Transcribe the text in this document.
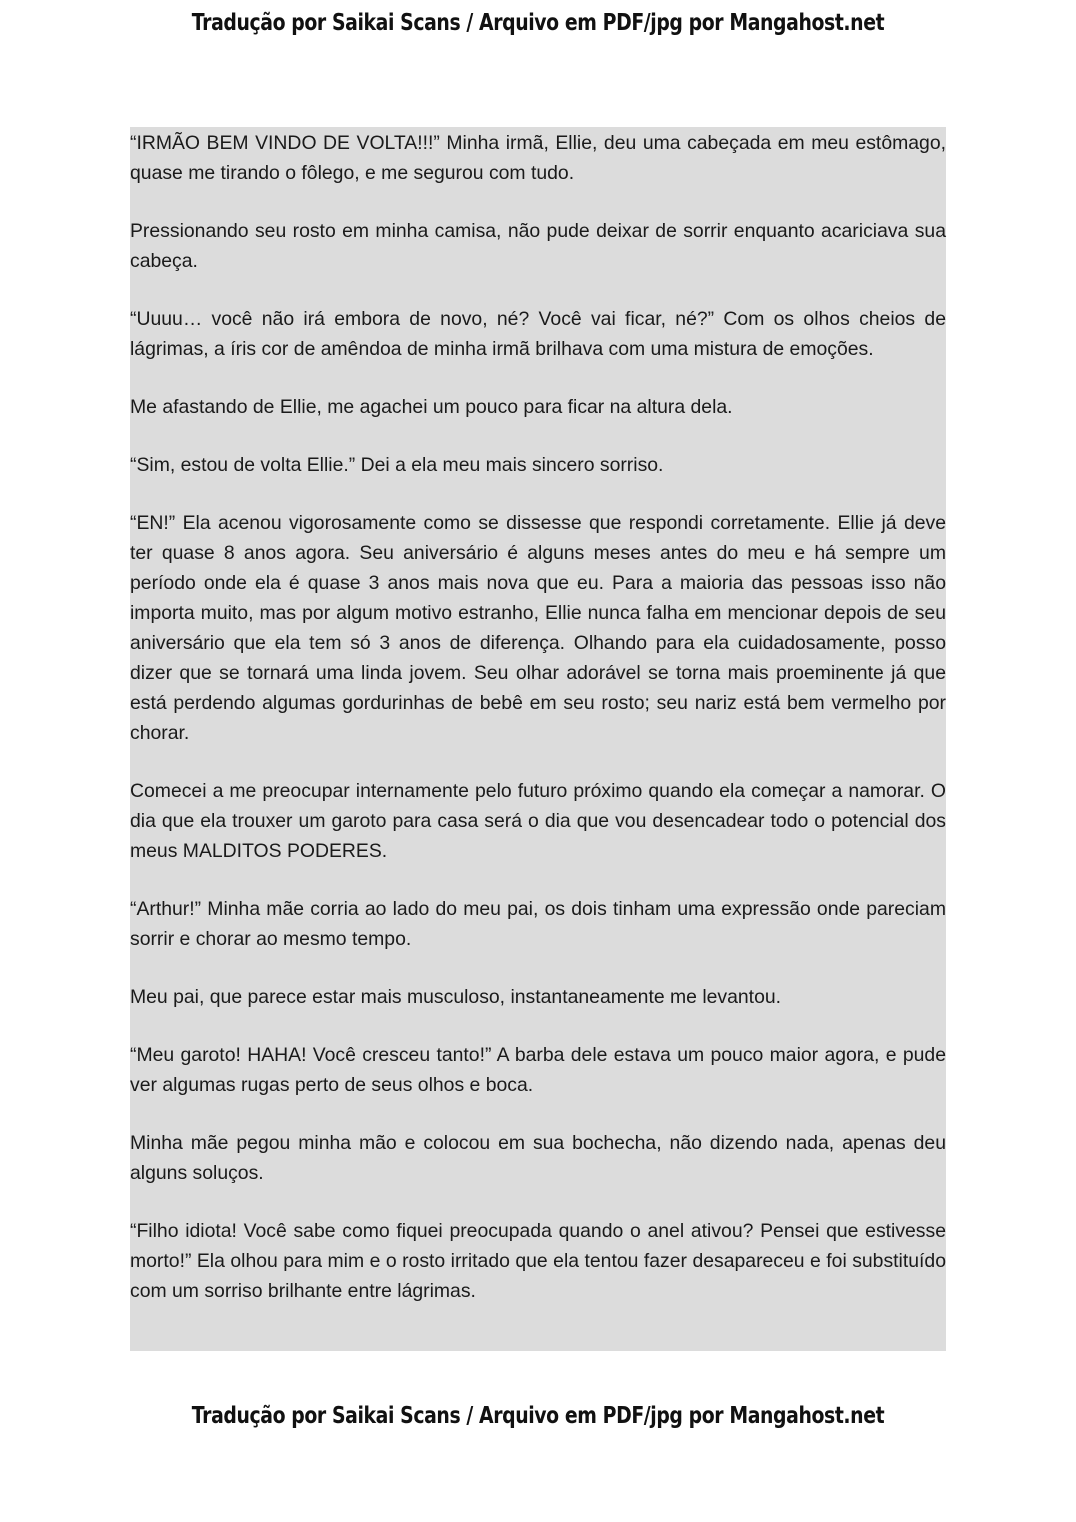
Tradução por Saikai Scans / Arquivo em PDF/jpg por Mangahost.net

“IRMÃO BEM VINDO DE VOLTA!!!” Minha irmã, Ellie, deu uma cabeçada em meu estômago, quase me tirando o fôlego, e me segurou com tudo.

Pressionando seu rosto em minha camisa, não pude deixar de sorrir enquanto acariciava sua cabeça.

“Uuuu… você não irá embora de novo, né? Você vai ficar, né?” Com os olhos cheios de lágrimas, a íris cor de amêndoa de minha irmã brilhava com uma mistura de emoções.

Me afastando de Ellie, me agachei um pouco para ficar na altura dela.

“Sim, estou de volta Ellie.” Dei a ela meu mais sincero sorriso.

“EN!” Ela acenou vigorosamente como se dissesse que respondi corretamente. Ellie já deve ter quase 8 anos agora. Seu aniversário é alguns meses antes do meu e há sempre um período onde ela é quase 3 anos mais nova que eu. Para a maioria das pessoas isso não importa muito, mas por algum motivo estranho, Ellie nunca falha em mencionar depois de seu aniversário que ela tem só 3 anos de diferença. Olhando para ela cuidadosamente, posso dizer que se tornará uma linda jovem. Seu olhar adorável se torna mais proeminente já que está perdendo algumas gordurinhas de bebê em seu rosto; seu nariz está bem vermelho por chorar.

Comecei a me preocupar internamente pelo futuro próximo quando ela começar a namorar. O dia que ela trouxer um garoto para casa será o dia que vou desencadear todo o potencial dos meus MALDITOS PODERES.

“Arthur!” Minha mãe corria ao lado do meu pai, os dois tinham uma expressão onde pareciam sorrir e chorar ao mesmo tempo.

Meu pai, que parece estar mais musculoso, instantaneamente me levantou.

“Meu garoto! HAHA! Você cresceu tanto!” A barba dele estava um pouco maior agora, e pude ver algumas rugas perto de seus olhos e boca.

Minha mãe pegou minha mão e colocou em sua bochecha, não dizendo nada, apenas deu alguns soluços.

“Filho idiota! Você sabe como fiquei preocupada quando o anel ativou? Pensei que estivesse morto!” Ela olhou para mim e o rosto irritado que ela tentou fazer desapareceu e foi substituído com um sorriso brilhante entre lágrimas.

Tradução por Saikai Scans / Arquivo em PDF/jpg por Mangahost.net
